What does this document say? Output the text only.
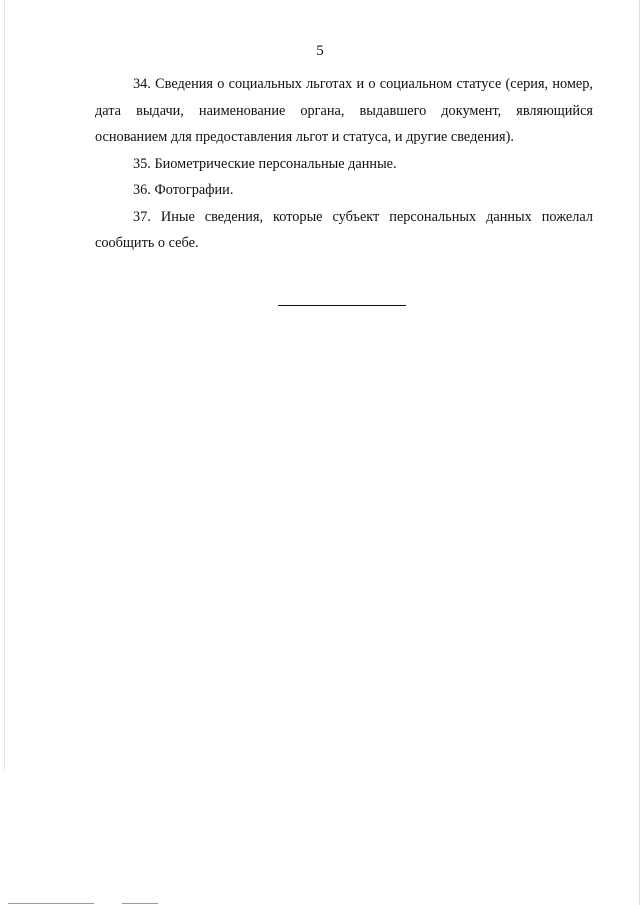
5

34. Сведения о социальных льготах и о социальном статусе (серия, номер, дата выдачи, наименование органа, выдавшего документ, являющийся основанием для предоставления льгот и статуса, и другие сведения).

35. Биометрические персональные данные.

36. Фотографии.

37. Иные сведения, которые субъект персональных данных пожелал сообщить о себе.
